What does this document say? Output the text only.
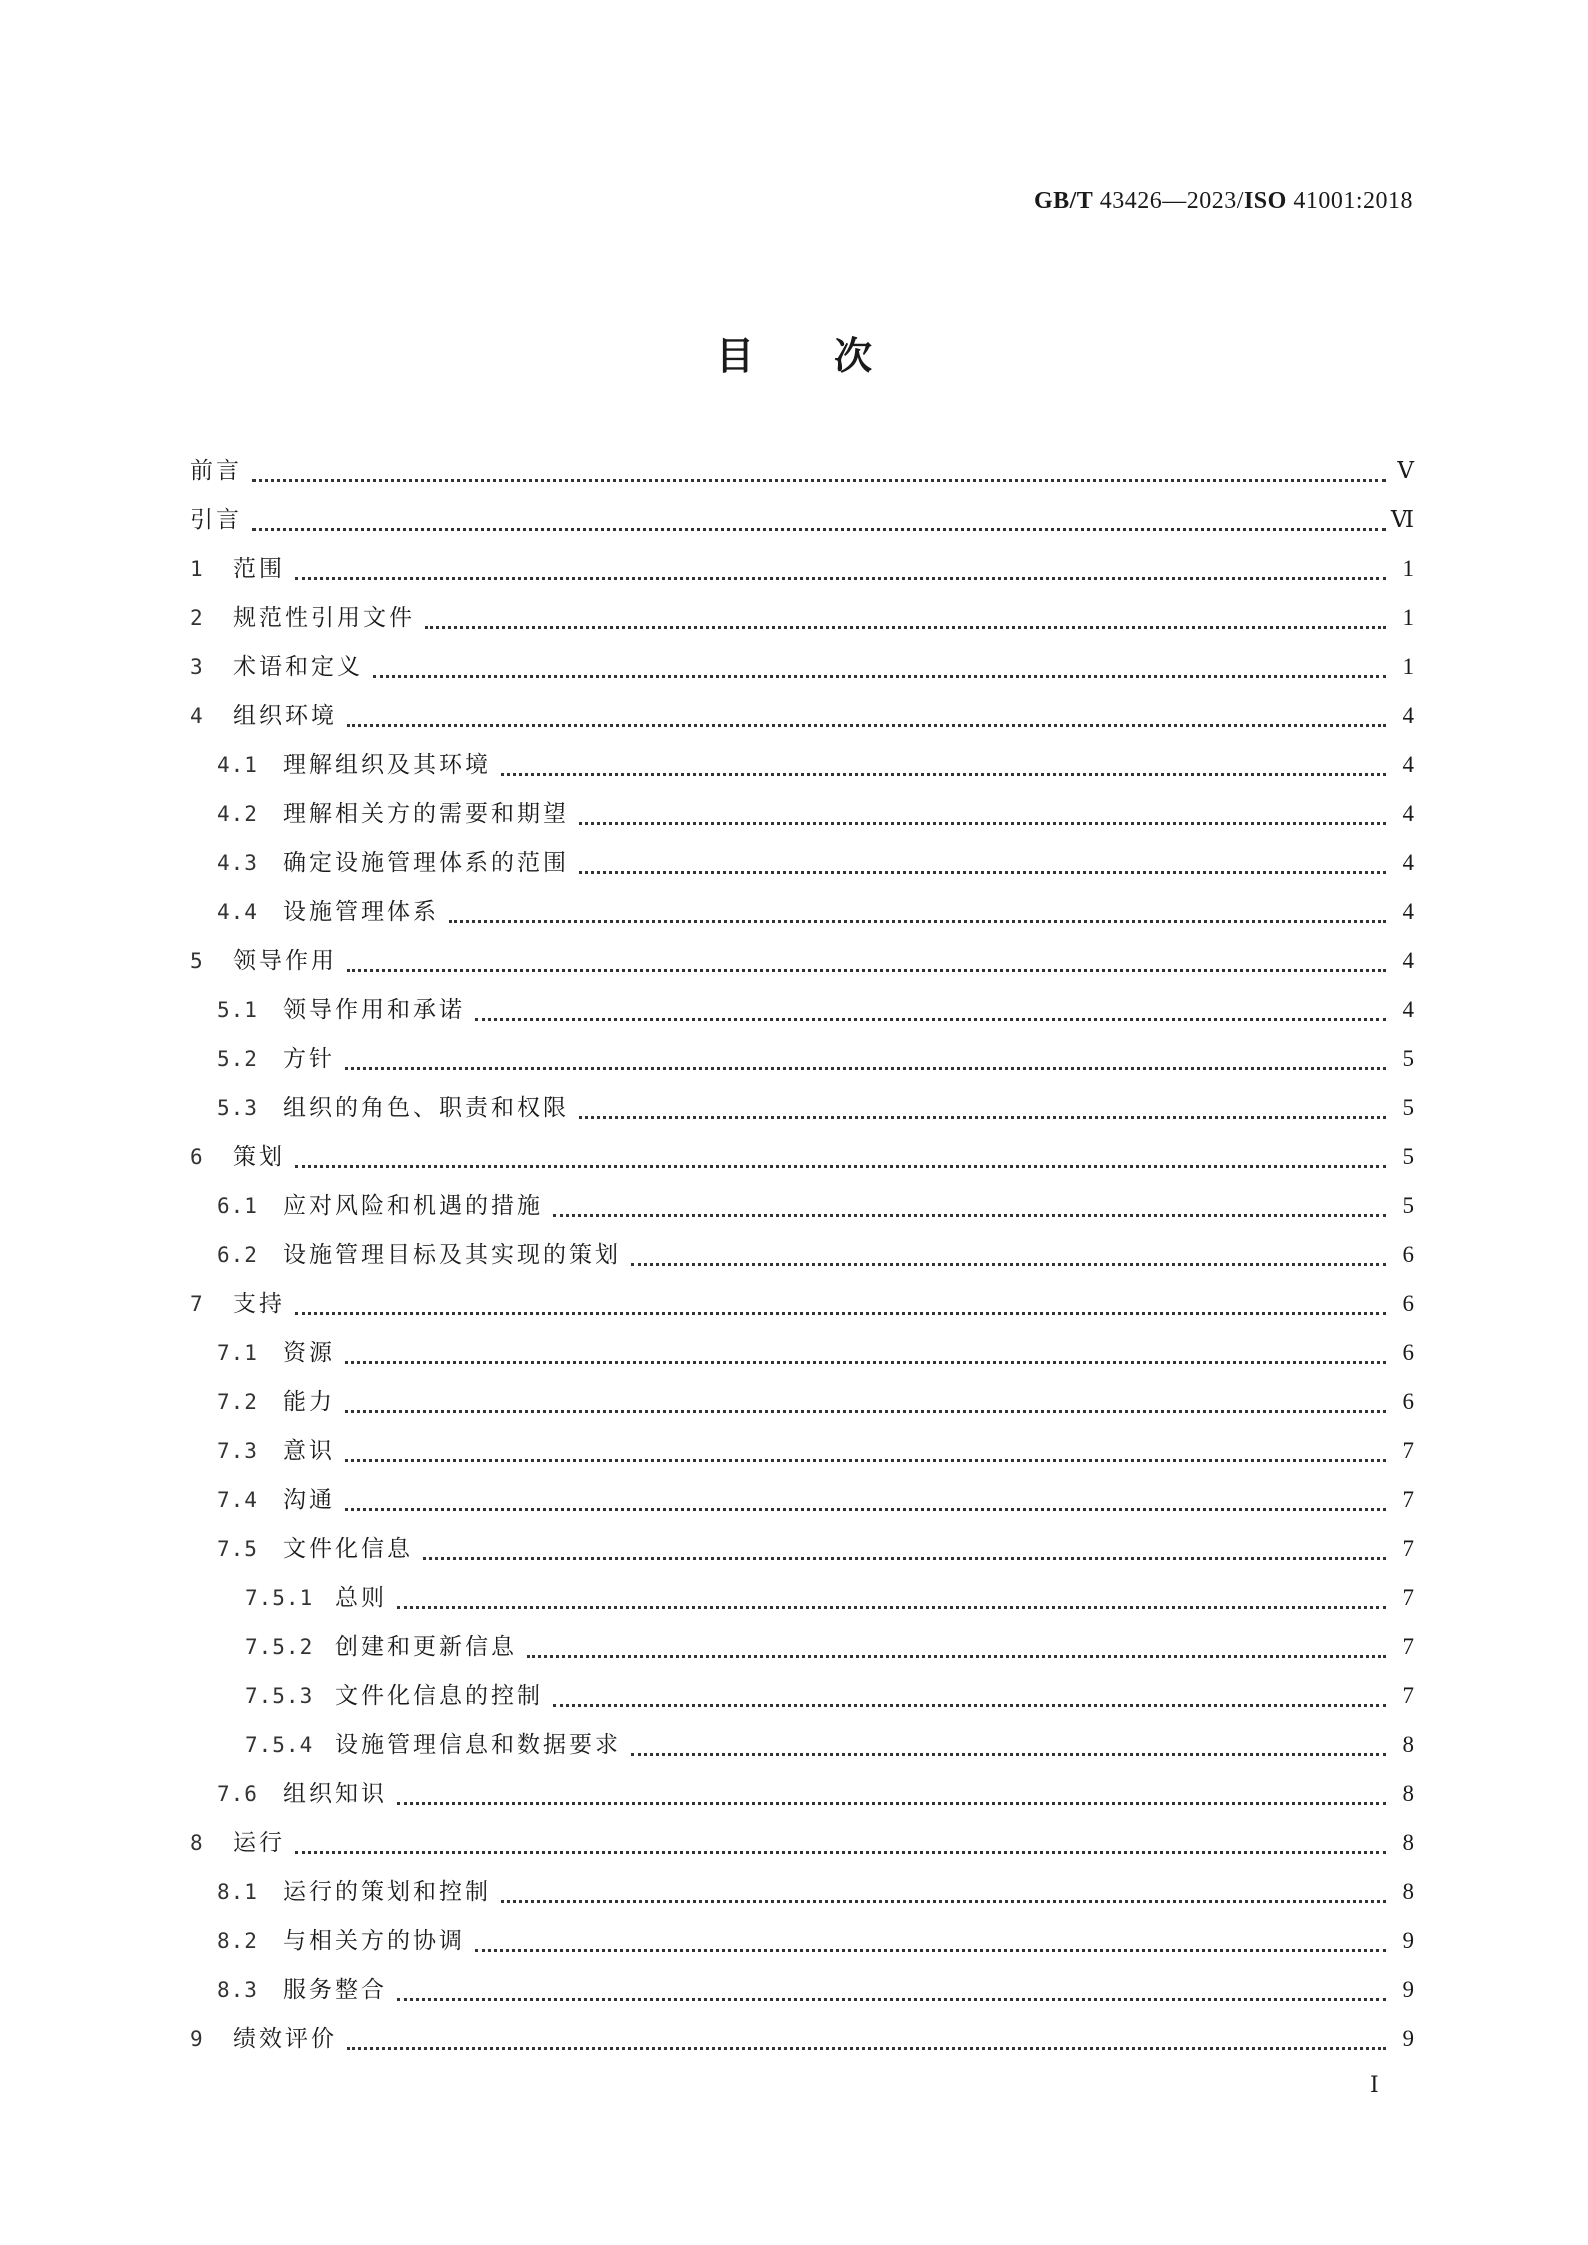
GB/T 43426—2023/ISO 41001:2018
目次
前言	Ⅴ
引言	Ⅵ
1	范围	1
2	规范性引用文件	1
3	术语和定义	1
4	组织环境	4
4.1	理解组织及其环境	4
4.2	理解相关方的需要和期望	4
4.3	确定设施管理体系的范围	4
4.4	设施管理体系	4
5	领导作用	4
5.1	领导作用和承诺	4
5.2	方针	5
5.3	组织的角色、职责和权限	5
6	策划	5
6.1	应对风险和机遇的措施	5
6.2	设施管理目标及其实现的策划	6
7	支持	6
7.1	资源	6
7.2	能力	6
7.3	意识	7
7.4	沟通	7
7.5	文件化信息	7
7.5.1 总则	7
7.5.2 创建和更新信息	7
7.5.3 文件化信息的控制	7
7.5.4 设施管理信息和数据要求	8
7.6	组织知识	8
8	运行	8
8.1	运行的策划和控制	8
8.2	与相关方的协调	9
8.3	服务整合	9
9	绩效评价	9
Ⅰ
